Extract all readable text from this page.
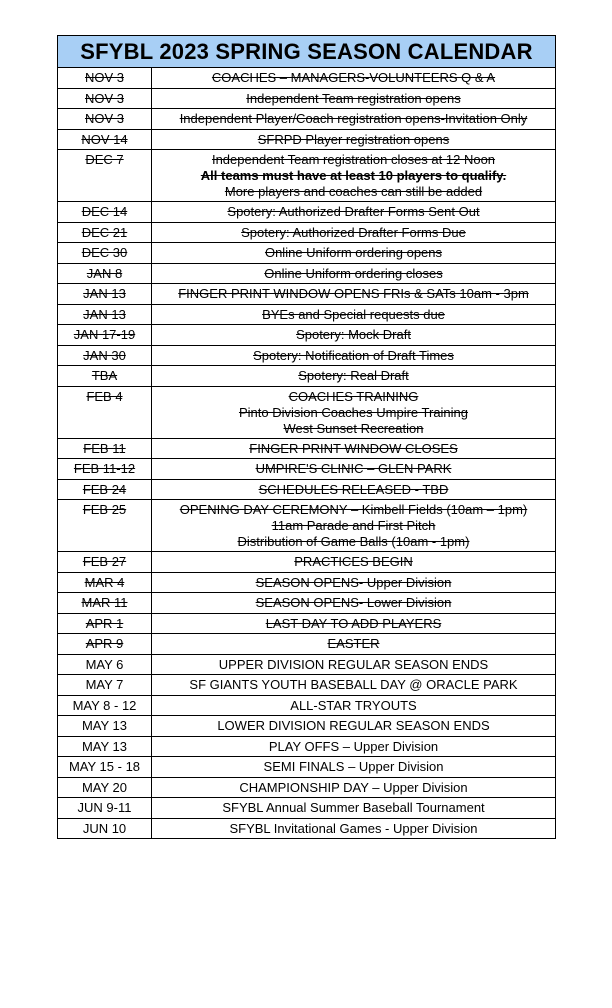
SFYBL 2023 SPRING SEASON CALENDAR	

NOV 3	COACHES – MANAGERS-VOLUNTEERS Q & A

NOV 3	Independent Team registration opens

NOV 3	Independent Player/Coach registration opens-Invitation Only

NOV 14	SFRPD Player registration opens

DEC 7	Independent Team registration closes at 12 Noon
All teams must have at least 10 players to qualify.
More players and coaches can still be added

DEC 14	Spotery: Authorized Drafter Forms Sent Out

DEC 21	Spotery: Authorized Drafter Forms Due

DEC 30	Online Uniform ordering opens

JAN 8	Online Uniform ordering closes

JAN 13	FINGER PRINT WINDOW OPENS FRIs & SATs 10am - 3pm

JAN 13	BYEs and Special requests due

JAN 17-19	Spotery: Mock Draft

JAN 30	Spotery: Notification of Draft Times

TBA	Spotery: Real Draft

FEB 4	COACHES TRAINING
Pinto Division Coaches Umpire Training
West Sunset Recreation

FEB 11	FINGER PRINT WINDOW CLOSES

FEB 11-12	UMPIRE'S CLINIC – GLEN PARK

FEB 24	SCHEDULES RELEASED - TBD

FEB 25	OPENING DAY CEREMONY – Kimbell Fields (10am – 1pm)
11am Parade and First Pitch
Distribution of Game Balls (10am - 1pm)

FEB 27	PRACTICES BEGIN

MAR 4	SEASON OPENS- Upper Division

MAR 11	SEASON OPENS- Lower Division

APR 1	LAST DAY TO ADD PLAYERS

APR 9	EASTER

MAY 6	UPPER DIVISION REGULAR SEASON ENDS

MAY 7	SF GIANTS YOUTH BASEBALL DAY @ ORACLE PARK

MAY 8 - 12	ALL-STAR TRYOUTS

MAY 13	LOWER DIVISION REGULAR SEASON ENDS

MAY 13	PLAY OFFS – Upper Division

MAY 15 - 18	SEMI FINALS – Upper Division

MAY 20	CHAMPIONSHIP DAY – Upper Division

JUN 9-11	SFYBL Annual Summer Baseball Tournament

JUN 10	SFYBL Invitational Games - Upper Division
